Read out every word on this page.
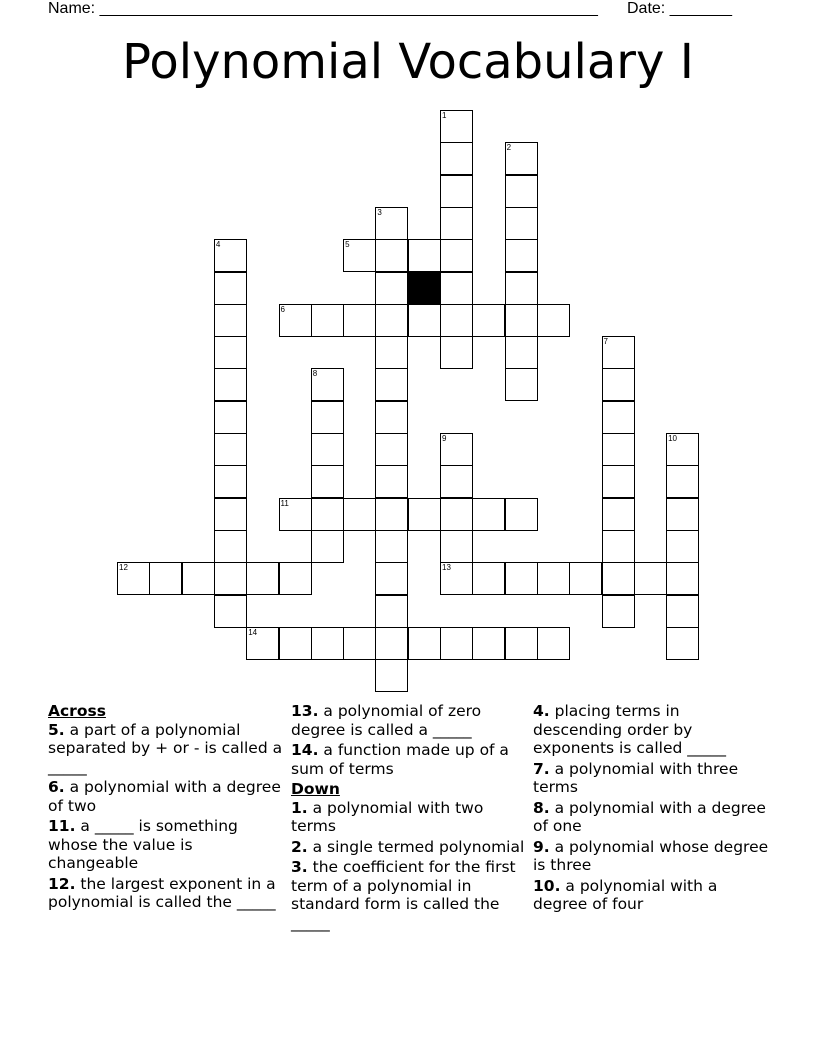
Name: ________________________________________________________ Date: _______
Polynomial Vocabulary I
1
2
3
4	5
6
7
8
9
13
10
11
12
14

Across

5. a part of a polynomial separated by + or - is called a _____

6. a polynomial with a degree of two

11. a _____ is something whose the value is changeable

12. the largest exponent in a polynomial is called the _____

13. a polynomial of zero degree is called a _____

14. a function made up of a sum of terms

Down

1. a polynomial with two terms

2. a single termed polynomial

3. the coefficient for the first term of a polynomial in standard form is called the _____

4. placing terms in descending order by exponents is called _____

7. a polynomial with three terms

8. a polynomial with a degree of one

9. a polynomial whose degree is three

10. a polynomial with a degree of four
